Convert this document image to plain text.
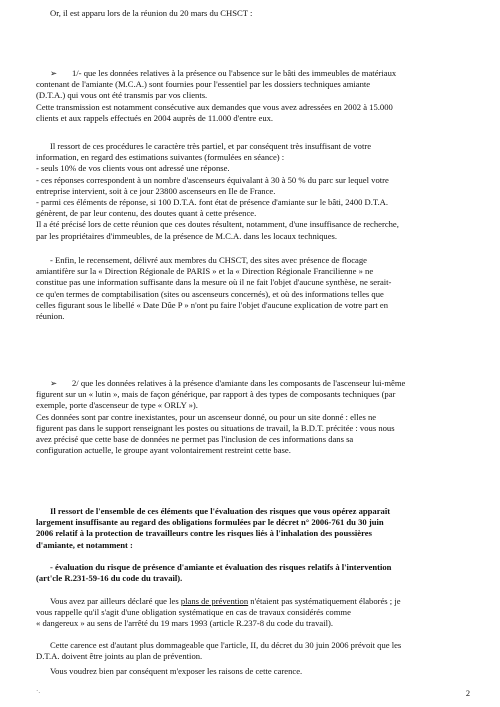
Or, il est apparu lors de la réunion du 20 mars du CHSCT :

➢ 1/- que les données relatives à la présence ou l'absence sur le bâti des immeubles de matériaux
contenant de l'amiante (M.C.A.) sont fournies pour l'essentiel par les dossiers techniques amiante
(D.T.A.) qui vous ont été transmis par vos clients.
Cette transmission est notamment consécutive aux demandes que vous avez adressées en 2002 à 15.000
clients et aux rappels effectués en 2004 auprès de 11.000 d'entre eux.
Il ressort de ces procédures le caractère très partiel, et par conséquent très insuffisant de votre
information, en regard des estimations suivantes (formulées en séance) :
- seuls 10% de vos clients vous ont adressé une réponse.
- ces réponses correspondent à un nombre d'ascenseurs équivalant à 30 à 50 % du parc sur lequel votre
entreprise intervient, soit à ce jour 23800 ascenseurs en Ile de France.
- parmi ces éléments de réponse, si 100 D.T.A. font état de présence d'amiante sur le bâti, 2400 D.T.A.
génèrent, de par leur contenu, des doutes quant à cette présence.
Il a été précisé lors de cette réunion que ces doutes résultent, notamment, d'une insuffisance de recherche,
par les propriétaires d'immeubles, de la présence de M.C.A. dans les locaux techniques.
- Enfin, le recensement, délivré aux membres du CHSCT, des sites avec présence de flocage
amiantifère sur la « Direction Régionale de PARIS » et la « Direction Régionale Francilienne » ne
constitue pas une information suffisante dans la mesure où il ne fait l'objet d'aucune synthèse, ne serait-
ce qu'en termes de comptabilisation (sites ou ascenseurs concernés), et où des informations telles que
celles figurant sous le libellé « Date Dûe P » n'ont pu faire l'objet d'aucune explication de votre part en
réunion.
➢ 2/ que les données relatives à la présence d'amiante dans les composants de l'ascenseur lui-même
figurent sur un « lutin », mais de façon générique, par rapport à des types de composants techniques (par
exemple, porte d'ascenseur de type « ORLY »).
Ces données sont par contre inexistantes, pour un ascenseur donné, ou pour un site donné : elles ne
figurent pas dans le support renseignant les postes ou situations de travail, la B.D.T. précitée : vous nous
avez précisé que cette base de données ne permet pas l'inclusion de ces informations dans sa
configuration actuelle, le groupe ayant volontairement restreint cette base.
Il ressort de l'ensemble de ces éléments que l'évaluation des risques que vous opérez apparaît
largement insuffisante au regard des obligations formulées par le décret n° 2006-761 du 30 juin
2006 relatif à la protection de travailleurs contre les risques liés à l'inhalation des poussières
d'amiante, et notamment :
- évaluation du risque de présence d'amiante et évaluation des risques relatifs à l'intervention
(art'cle R.231-59-16 du code du travail).
Vous avez par ailleurs déclaré que les plans de prévention n'étaient pas systématiquement élaborés ; je
vous rappelle qu'il s'agit d'une obligation systématique en cas de travaux considérés comme
« dangereux » au sens de l'arrêté du 19 mars 1993 (article R.237-8 du code du travail).
Cette carence est d'autant plus dommageable que l'article, II, du décret du 30 juin 2006 prévoit que les
D.T.A. doivent être joints au plan de prévention.

Vous voudrez bien par conséquent m'exposer les raisons de cette carence.

·.	2
